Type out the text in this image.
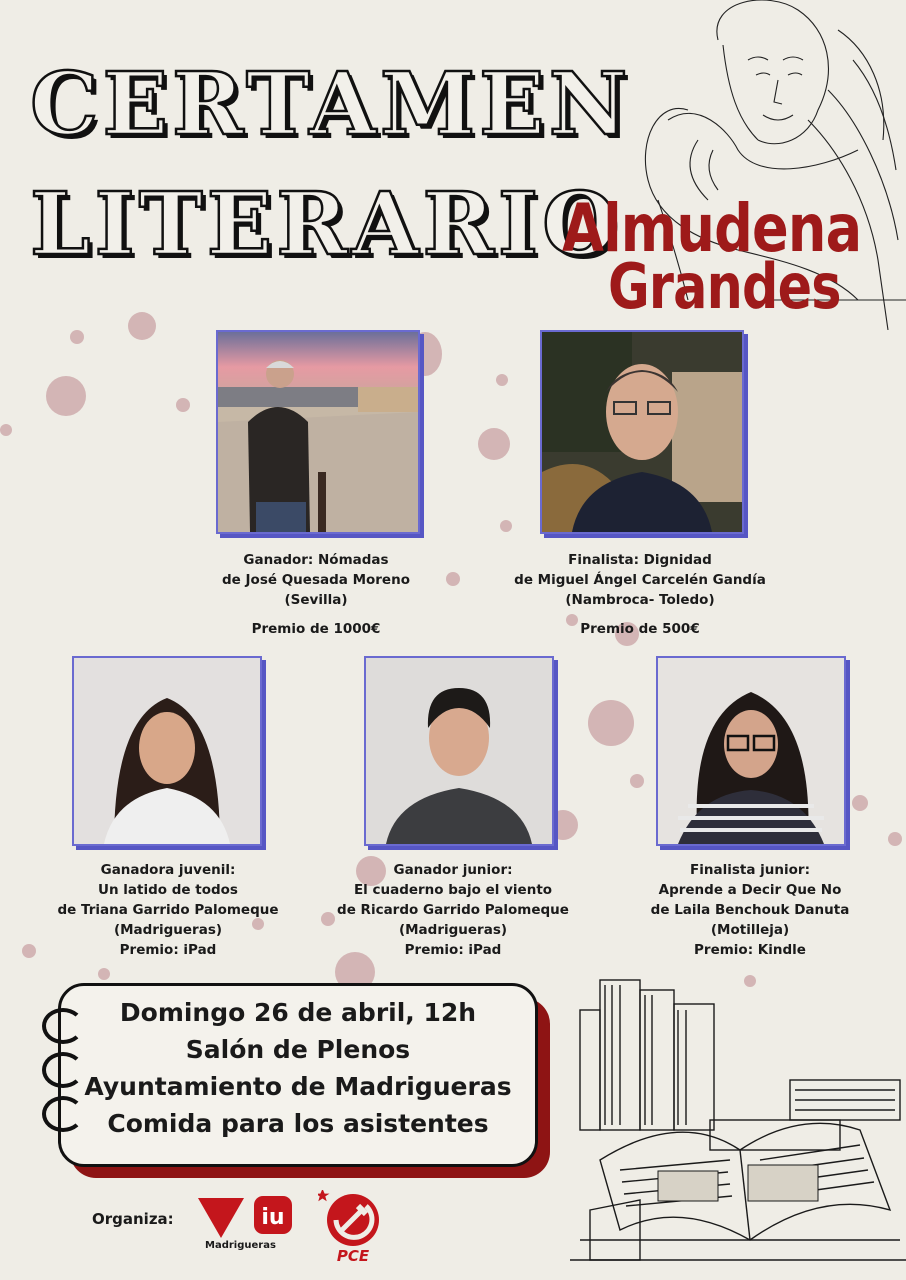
CERTAMEN
LITERARIO
Almudena
Grandes
Ganador: Nómadas
de José Quesada Moreno
(Sevilla)
Premio de 1000€
Finalista: Dignidad
de Miguel Ángel Carcelén Gandía
(Nambroca- Toledo)
Premio de 500€
Ganadora juvenil:
Un latido de todos
de Triana Garrido Palomeque
(Madrigueras)
Premio: iPad
Ganador junior:
El cuaderno bajo el viento
de Ricardo Garrido Palomeque
(Madrigueras)
Premio: iPad
Finalista junior:
Aprende a Decir Que No
de Laila Benchouk Danuta
(Motilleja)
Premio: Kindle
Domingo 26 de abril, 12h
Salón de Plenos
Ayuntamiento de Madrigueras
Comida para los asistentes
Organiza:	iu
Madrigueras
PCE
